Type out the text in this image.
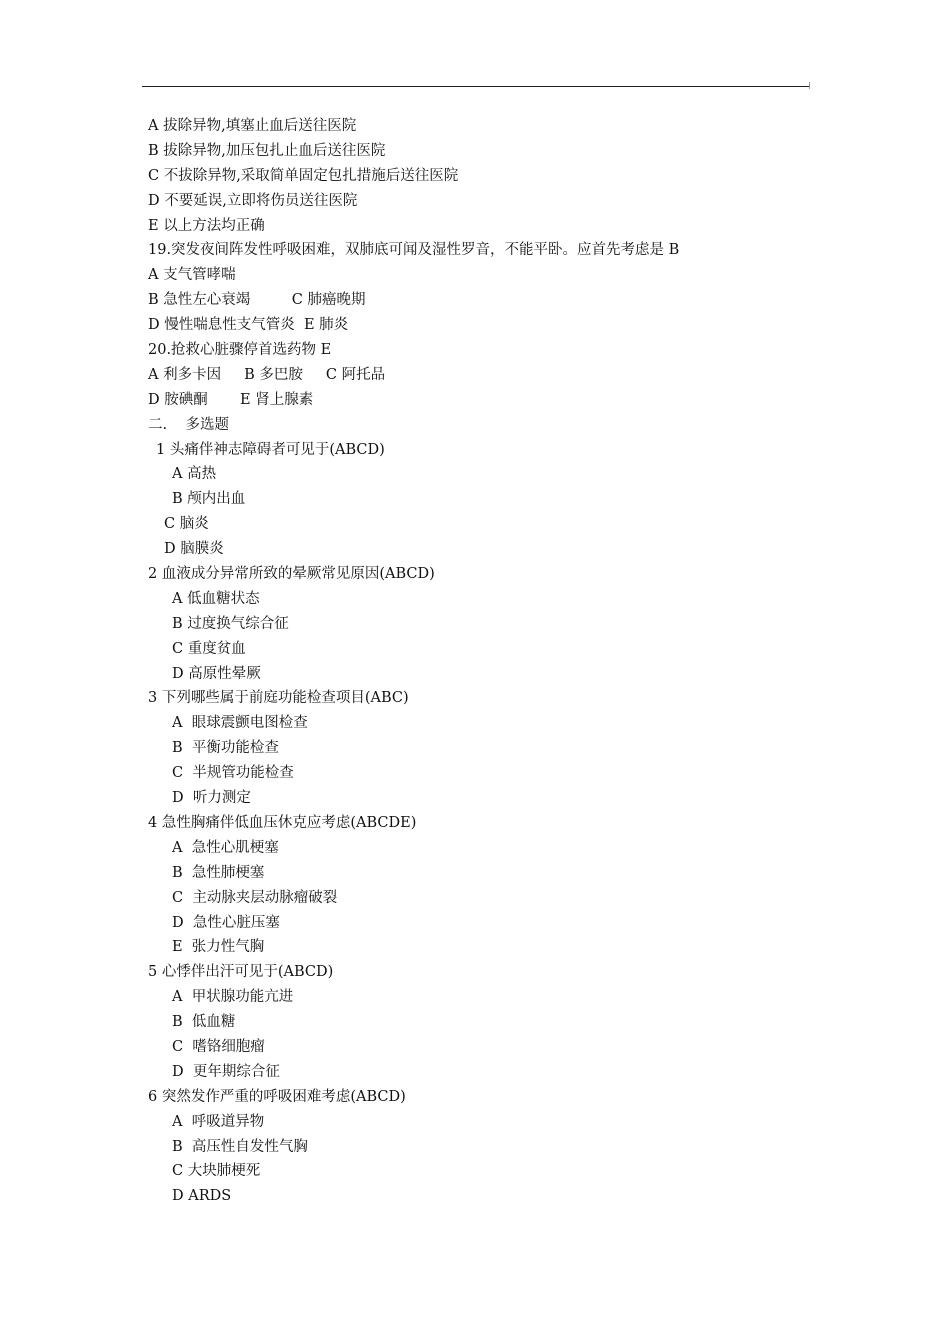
A 拔除异物,填塞止血后送往医院
B 拔除异物,加压包扎止血后送往医院
C 不拔除异物,采取简单固定包扎措施后送往医院
D 不要延误,立即将伤员送往医院
E 以上方法均正确
19.突发夜间阵发性呼吸困难，双肺底可闻及湿性罗音，不能平卧。应首先考虑是 B
A 支气管哮喘
B 急性左心衰竭         C 肺癌晚期
D 慢性喘息性支气管炎  E 肺炎
20.抢救心脏骤停首选药物 E
A 利多卡因     B 多巴胺     C 阿托品
D 胺碘酮       E 肾上腺素
二.    多选题
1 头痛伴神志障碍者可见于(ABCD)
A 高热
B 颅内出血
C 脑炎
D 脑膜炎
2 血液成分异常所致的晕厥常见原因(ABCD)
A 低血糖状态
B 过度换气综合征
C 重度贫血
D 高原性晕厥
3 下列哪些属于前庭功能检查项目(ABC)
A  眼球震颤电图检查
B  平衡功能检查
C  半规管功能检查
D  听力测定
4 急性胸痛伴低血压休克应考虑(ABCDE)
A  急性心肌梗塞
B  急性肺梗塞
C  主动脉夹层动脉瘤破裂
D  急性心脏压塞
E  张力性气胸
5 心悸伴出汗可见于(ABCD)
A  甲状腺功能亢进
B  低血糖
C  嗜铬细胞瘤
D  更年期综合征
6 突然发作严重的呼吸困难考虑(ABCD)
A  呼吸道异物
B  高压性自发性气胸
C 大块肺梗死
D ARDS
